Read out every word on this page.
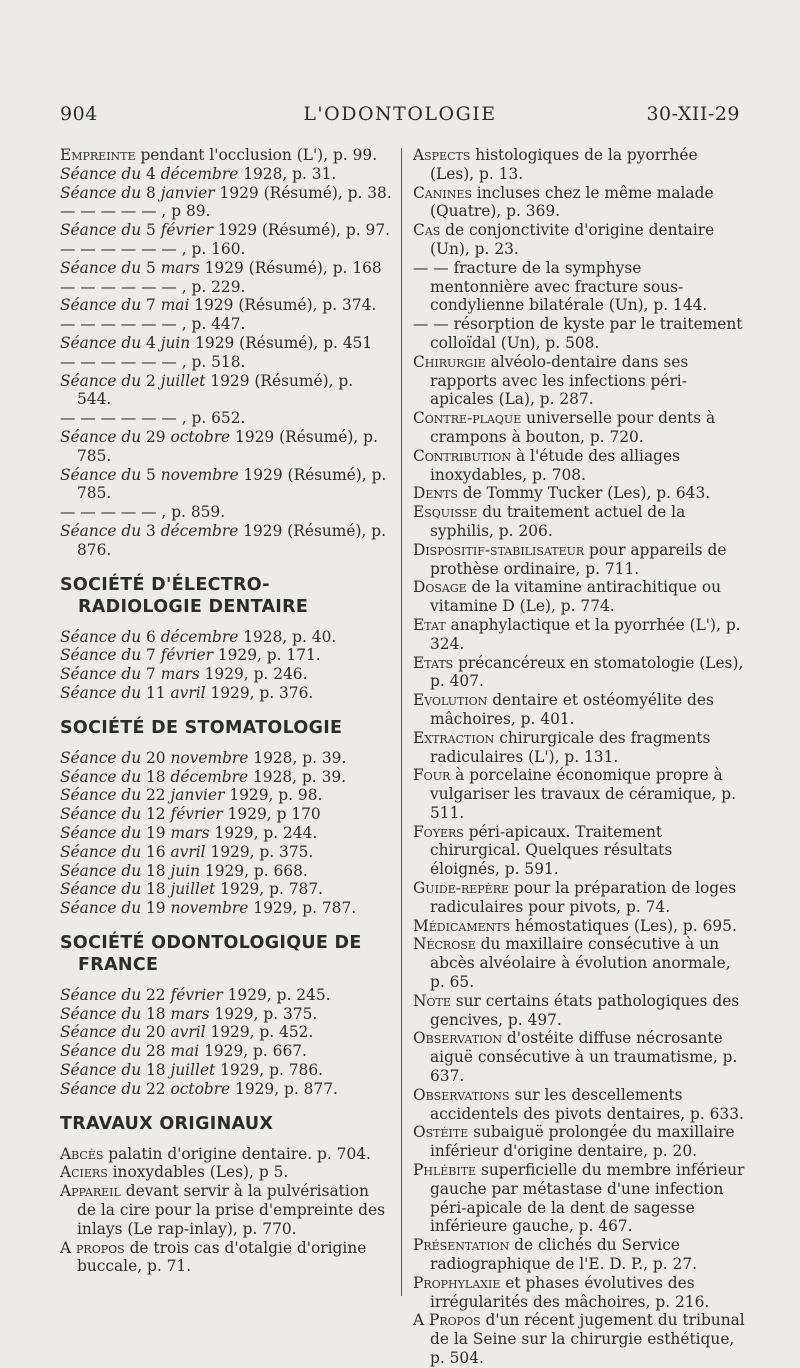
904	L'ODONTOLOGIE	30-XII-29

Empreinte pendant l'occlusion (L'), p. 99.

Séance du 4 décembre 1928, p. 31.

Séance du 8 janvier 1929 (Résumé), p. 38.

— — — — — , p 89.

Séance du 5 février 1929 (Résumé), p. 97.

— — — — — — , p. 160.

Séance du 5 mars 1929 (Résumé), p. 168

— — — — — — , p. 229.

Séance du 7 mai 1929 (Résumé), p. 374.

— — — — — — , p. 447.

Séance du 4 juin 1929 (Résumé), p. 451

— — — — — — , p. 518.

Séance du 2 juillet 1929 (Résumé), p. 544.

— — — — — — , p. 652.

Séance du 29 octobre 1929 (Résumé), p. 785.

Séance du 5 novembre 1929 (Résumé), p. 785.

— — — — — , p. 859.

Séance du 3 décembre 1929 (Résumé), p. 876.

SOCIÉTÉ D'ÉLECTRO-RADIOLOGIE DENTAIRE

Séance du 6 décembre 1928, p. 40.

Séance du 7 février 1929, p. 171.

Séance du 7 mars 1929, p. 246.

Séance du 11 avril 1929, p. 376.

SOCIÉTÉ DE STOMATOLOGIE

Séance du 20 novembre 1928, p. 39.

Séance du 18 décembre 1928, p. 39.

Séance du 22 janvier 1929, p. 98.

Séance du 12 février 1929, p 170

Séance du 19 mars 1929, p. 244.

Séance du 16 avril 1929, p. 375.

Séance du 18 juin 1929, p. 668.

Séance du 18 juillet 1929, p. 787.

Séance du 19 novembre 1929, p. 787.

SOCIÉTÉ ODONTOLOGIQUE DE FRANCE

Séance du 22 février 1929, p. 245.

Séance du 18 mars 1929, p. 375.

Séance du 20 avril 1929, p. 452.

Séance du 28 mai 1929, p. 667.

Séance du 18 juillet 1929, p. 786.

Séance du 22 octobre 1929, p. 877.

TRAVAUX ORIGINAUX

Abcès palatin d'origine dentaire. p. 704.

Aciers inoxydables (Les), p 5.

Appareil devant servir à la pulvérisation de la cire pour la prise d'empreinte des inlays (Le rap-inlay), p. 770.

A propos de trois cas d'otalgie d'origine buccale, p. 71.

Aspects histologiques de la pyorrhée (Les), p. 13.

Canines incluses chez le même malade (Quatre), p. 369.

Cas de conjonctivite d'origine dentaire (Un), p. 23.

— — fracture de la symphyse mentonnière avec fracture sous-condylienne bilatérale (Un), p. 144.

— — résorption de kyste par le traitement colloïdal (Un), p. 508.

Chirurgie alvéolo-dentaire dans ses rapports avec les infections péri-apicales (La), p. 287.

Contre-plaque universelle pour dents à crampons à bouton, p. 720.

Contribution à l'étude des alliages inoxydables, p. 708.

Dents de Tommy Tucker (Les), p. 643.

Esquisse du traitement actuel de la syphilis, p. 206.

Dispositif-stabilisateur pour appareils de prothèse ordinaire, p. 711.

Dosage de la vitamine antirachitique ou vitamine D (Le), p. 774.

Etat anaphylactique et la pyorrhée (L'), p. 324.

Etats précancéreux en stomatologie (Les), p. 407.

Evolution dentaire et ostéomyélite des mâchoires, p. 401.

Extraction chirurgicale des fragments radiculaires (L'), p. 131.

Four à porcelaine économique propre à vulgariser les travaux de céramique, p. 511.

Foyers péri-apicaux. Traitement chirurgical. Quelques résultats éloignés, p. 591.

Guide-repère pour la préparation de loges radiculaires pour pivots, p. 74.

Médicaments hémostatiques (Les), p. 695.

Nécrose du maxillaire consécutive à un abcès alvéolaire à évolution anormale, p. 65.

Note sur certains états pathologiques des gencives, p. 497.

Observation d'ostéite diffuse nécrosante aiguë consécutive à un traumatisme, p. 637.

Observations sur les descellements accidentels des pivots dentaires, p. 633.

Ostéite subaiguë prolongée du maxillaire inférieur d'origine dentaire, p. 20.

Phlébite superficielle du membre inférieur gauche par métastase d'une infection péri-apicale de la dent de sagesse inférieure gauche, p. 467.

Présentation de clichés du Service radiographique de l'E. D. P., p. 27.

Prophylaxie et phases évolutives des irrégularités des mâchoires, p. 216.

A Propos d'un récent jugement du tribunal de la Seine sur la chirurgie esthétique, p. 504.
